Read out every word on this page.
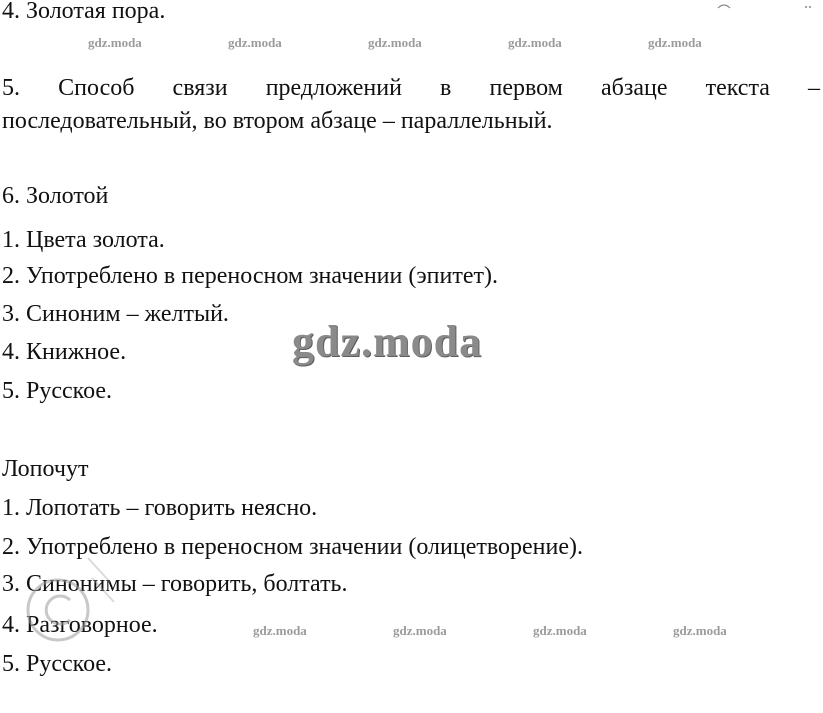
4. Золотая пора.
5. Способ связи предложений в первом абзаце текста –
последовательный, во втором абзаце – параллельный.
6. Золотой
1. Цвета золота.
2. Употреблено в переносном значении (эпитет).
3. Синоним – желтый.
4. Книжное.
5. Русское.
Лопочут
1. Лопотать – говорить неясно.
2. Употреблено в переносном значении (олицетворение).
3. Синонимы – говорить, болтать.
4. Разговорное.
5. Русское.
gdz.moda	gdz.moda	gdz.moda	gdz.moda	gdz.moda
gdz.moda	gdz.moda	gdz.moda	gdz.moda
gdz.moda
